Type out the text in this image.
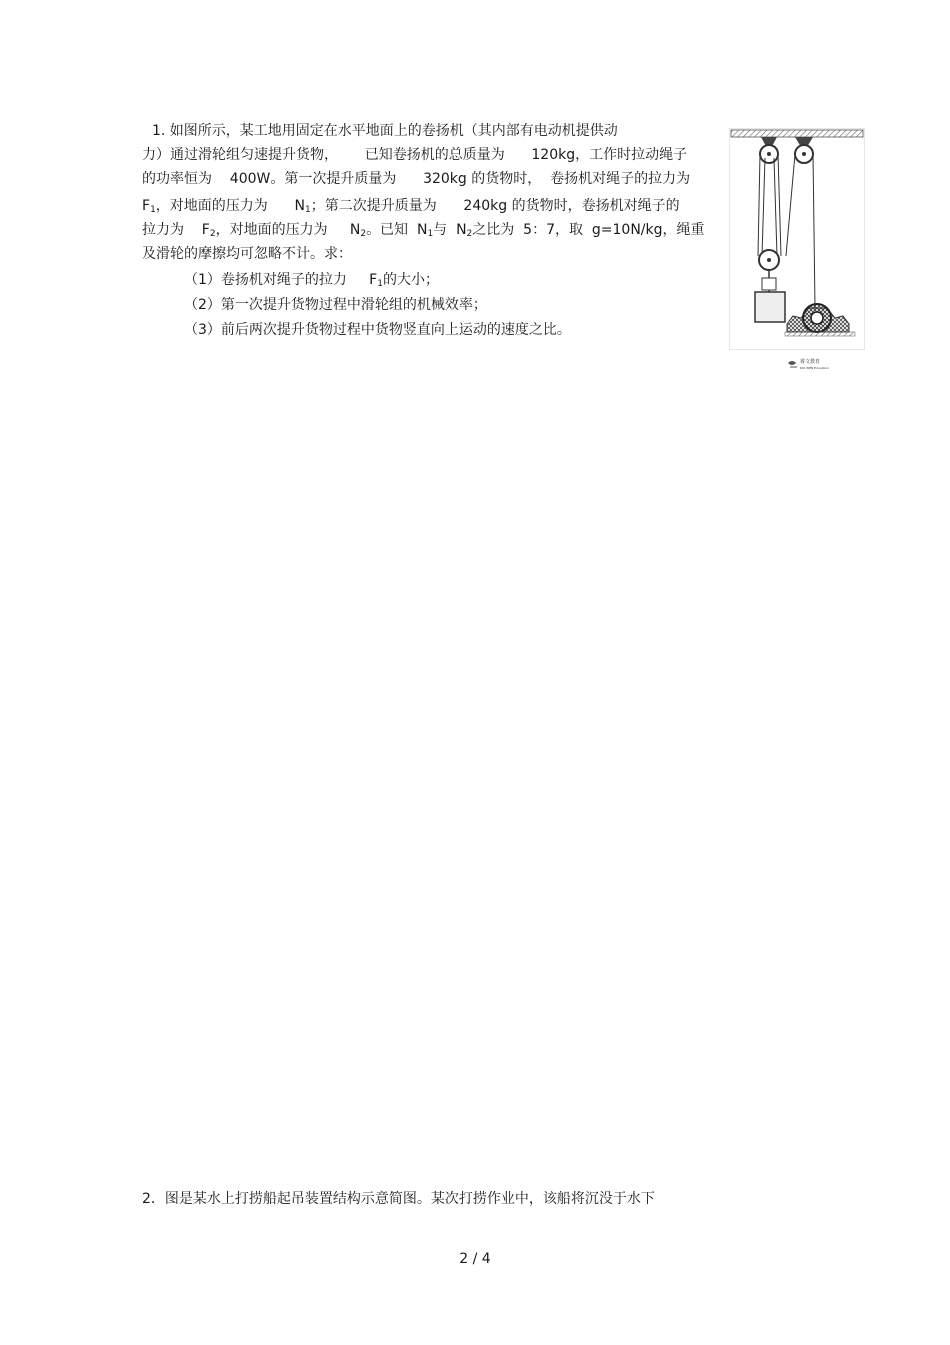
1. 如图所示，某工地用固定在水平地面上的卷扬机（其内部有电动机提供动
力）通过滑轮组匀速提升货物，      已知卷扬机的总质量为      120kg，工作时拉动绳子
的功率恒为    400W。第一次提升质量为      320kg 的货物时，  卷扬机对绳子的拉力为
$F_1$，对地面的压力为      $N_1$；第二次提升质量为      240kg 的货物时，卷扬机对绳子的
拉力为    $F_2$，对地面的压力为     $N_2$。已知  $N_1$与  $N_2$之比为  5：7，取  g=10N/kg，绳重
及滑轮的摩擦均可忽略不计。求：
（1）卷扬机对绳子的拉力     $F_1$的大小；
（2）第一次提升货物过程中滑轮组的机械效率；
（3）前后两次提升货物过程中货物竖直向上运动的速度之比。
睿文教育
RUI WEN Education
2．图是某水上打捞船起吊装置结构示意简图。某次打捞作业中，该船将沉没于水下
2 / 4
